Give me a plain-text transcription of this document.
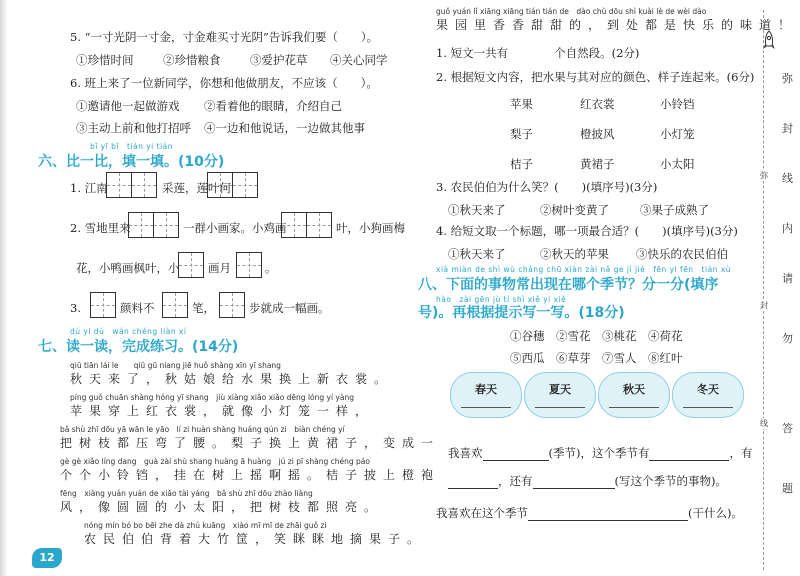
5. “一寸光阴一寸金，寸金难买寸光阴”告诉我们要（　　）。
①珍惜时间	②珍惜粮食	③爱护花草 ④关心同学
6. 班上来了一位新同学，你想和他做朋友，不应该（　　）。
①邀请他一起做游戏 ②看着他的眼睛，介绍自己
③主动上前和他打招呼 ④一边和他说话，一边做其他事
bǐ yī bǐ　tián yi tián
六、比一比，填一填。(10分)
1. 江南	采莲，莲叶何
2. 雪地里来	一群小画家。小鸡画	叶，小狗画梅
花，小鸭画枫叶，小 画月	。
3.	颜料不	笔，	步就成一幅画。
dú yi dú　wán chéng liàn xí
七、读一读，完成练习。(14分)
qiū tiān lái le　　qiū gū niang jiē huǒ shàng xīn yī shang
秋天来了，秋姑娘给水果换上新衣裳。
píng guǒ chuān shàng hóng yī shang　jiù xiàng xiǎo xiǎo dēng lóng yí yàng
苹果穿上红衣裳，就像小灯笼一样，
bǎ shù zhī dōu yā wān le yāo　lí zi huàn shàng huáng qún zi　biàn chéng yí
把树枝都压弯了腰。梨子换上黄裙子，变成一
gè gè xiǎo líng dang　guà zài shù shang huàng ā huàng　jú zi pī shàng chéng páo
个个小铃铛，挂在树上摇啊摇。桔子披上橙袍
fēng　xiàng yuán yuán de xiǎo tài yáng　bǎ shù zhī dōu zhào liàng
风，像圆圆的小太阳，把树枝都照亮。
nóng mín bó bo bēi zhe dà zhú kuāng　xiào mī mī de zhāi guǒ zi
农民伯伯背着大竹筐，笑眯眯地摘果子。
12
guǒ yuán lǐ xiāng xiāng tián tián de　dào chù dōu shì kuài lè de wèi dào
果园里香香甜甜的，到处都是快乐的味道！
1. 短文一共有　　　　个自然段。(2分)
2. 根据短文内容，把水果与其对应的颜色、样子连起来。(6分)
苹果	红衣裳	小铃铛
梨子	橙披风	小灯笼
桔子	黄裙子	小太阳
3. 农民伯伯为什么笑？(　　)(填序号)(3分)
①秋天来了	②树叶变黄了	③果子成熟了
4. 给短文取一个标题，哪一项最合适？(　　)(填序号)(3分)
①秋天来了	②秋天的苹果 ③快乐的农民伯伯
xià miàn de shì wù cháng chū xiàn zài nǎ ge jì jié　fēn yi fēn　tián xù
八、下面的事物常出现在哪个季节？分一分(填序
hào　zài gēn jù tí shì xiě yi xiě
号)。再根据提示写一写。(18分)
①谷穗 ②雪花 ③桃花 ④荷花
⑤西瓜 ⑥草芽 ⑦雪人 ⑧红叶
春天	夏天	秋天	冬天
我喜欢	(季节)，这个季节有	，有
，还有	(写这个季节的事物)。
我喜欢在这个季节	(干什么)。
弥
封
线
内
请
勿
答
题
弥
封
线
